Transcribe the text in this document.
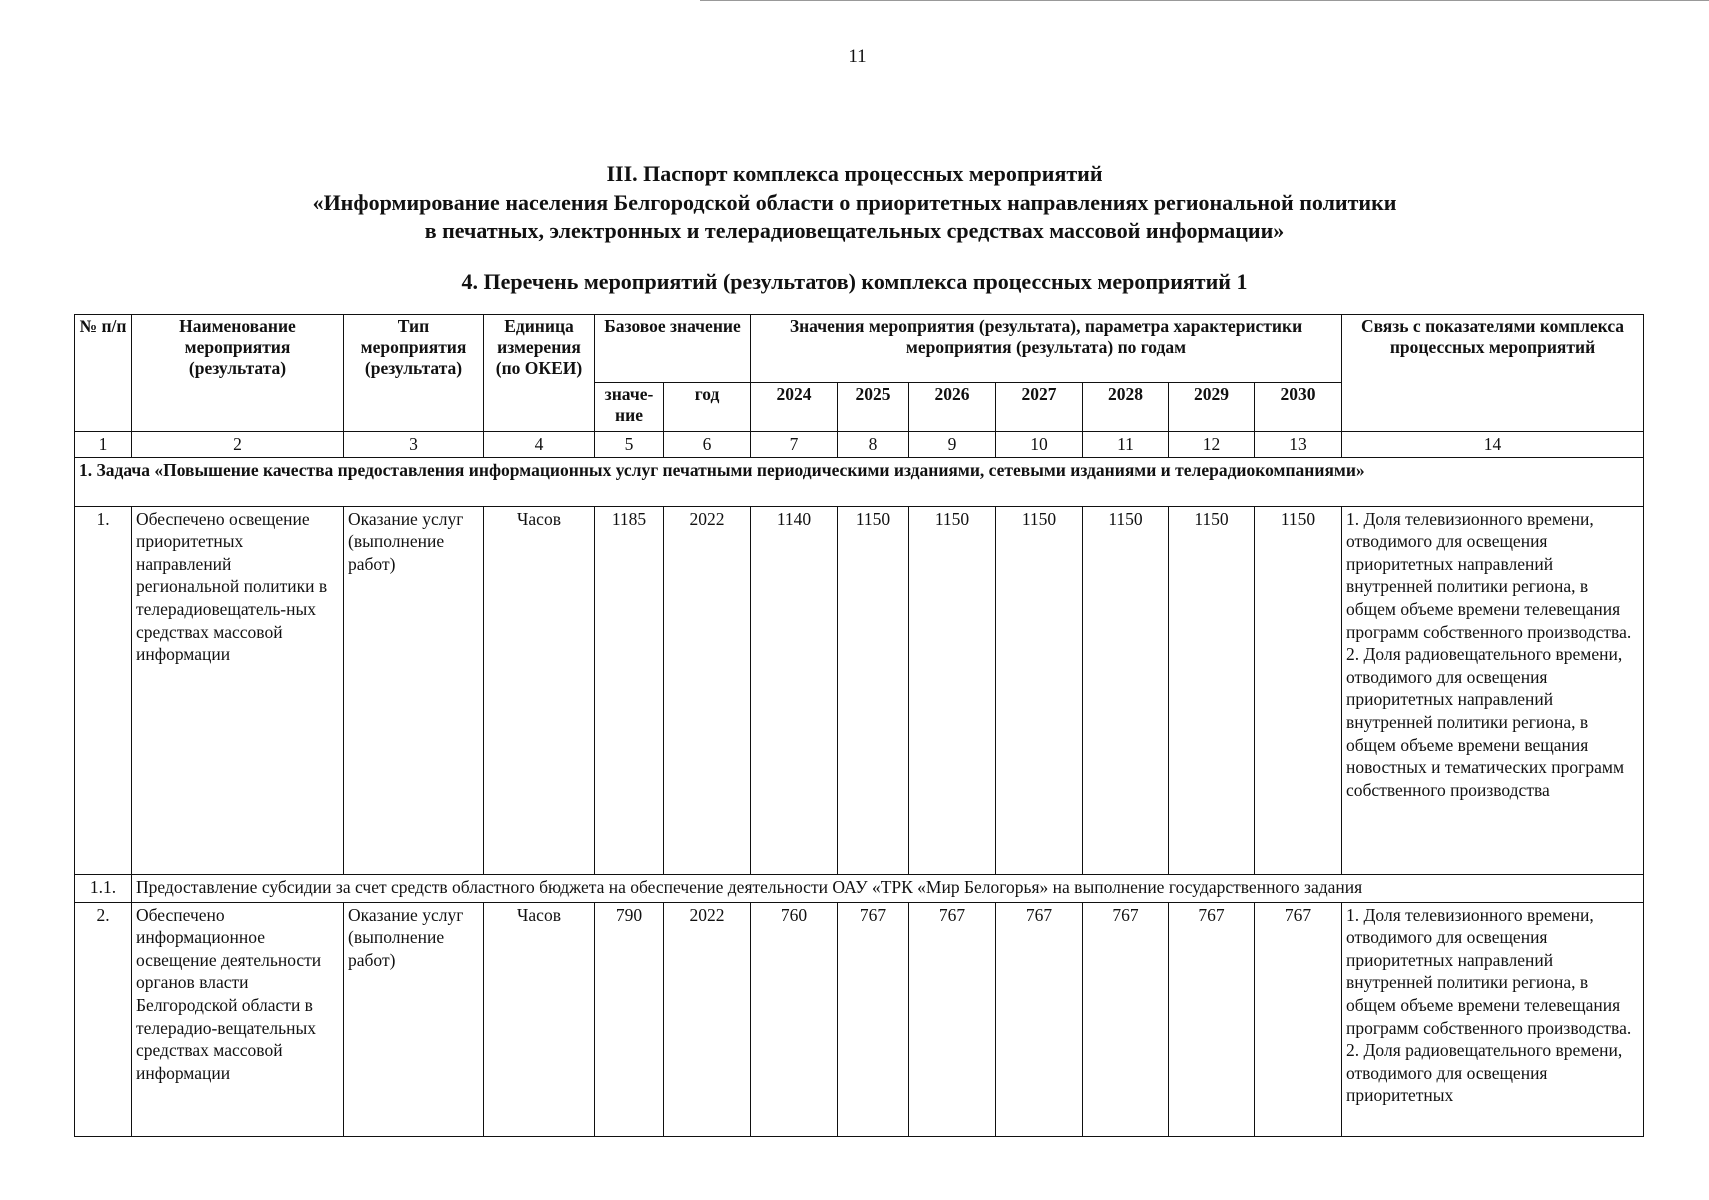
11
III. Паспорт комплекса процессных мероприятий
«Информирование населения Белгородской области о приоритетных направлениях региональной политики
в печатных, электронных и телерадиовещательных средствах массовой информации»
4. Перечень мероприятий (результатов) комплекса процессных мероприятий 1
№ п/п	Наименование мероприятия (результата)	Тип мероприятия (результата)	Единица измерения (по ОКЕИ)	Базовое значение		Значения мероприятия (результата), параметра характеристики мероприятия (результата) по годам							Связь с показателями комплекса процессных мероприятий
				значе-ние	год	2024	2025	2026	2027	2028	2029	2030	
1	2	3	4	5	6	7	8	9	10	11	12	13	14
1. Задача «Повышение качества предоставления информационных услуг печатными периодическими изданиями, сетевыми изданиями и телерадиокомпаниями»													
1.	Обеспечено освещение приоритетных направлений региональной политики в телерадиовещатель-ных средствах массовой информации	Оказание услуг (выполнение работ)	Часов	1185	2022	1140	1150	1150	1150	1150	1150	1150	1. Доля телевизионного времени, отводимого для освещения приоритетных направлений внутренней политики региона, в общем объеме времени телевещания программ собственного производства. 2. Доля радиовещательного времени, отводимого для освещения приоритетных направлений внутренней политики региона, в общем объеме времени вещания новостных и тематических программ собственного производства
1.1.	Предоставление субсидии за счет средств областного бюджета на обеспечение деятельности ОАУ «ТРК «Мир Белогорья» на выполнение государственного задания												
2.	Обеспечено информационное освещение деятельности органов власти Белгородской области в телерадио-вещательных средствах массовой информации	Оказание услуг (выполнение работ)	Часов	790	2022	760	767	767	767	767	767	767	1. Доля телевизионного времени, отводимого для освещения приоритетных направлений внутренней политики региона, в общем объеме времени телевещания программ собственного производства. 2. Доля радиовещательного времени, отводимого для освещения приоритетных
